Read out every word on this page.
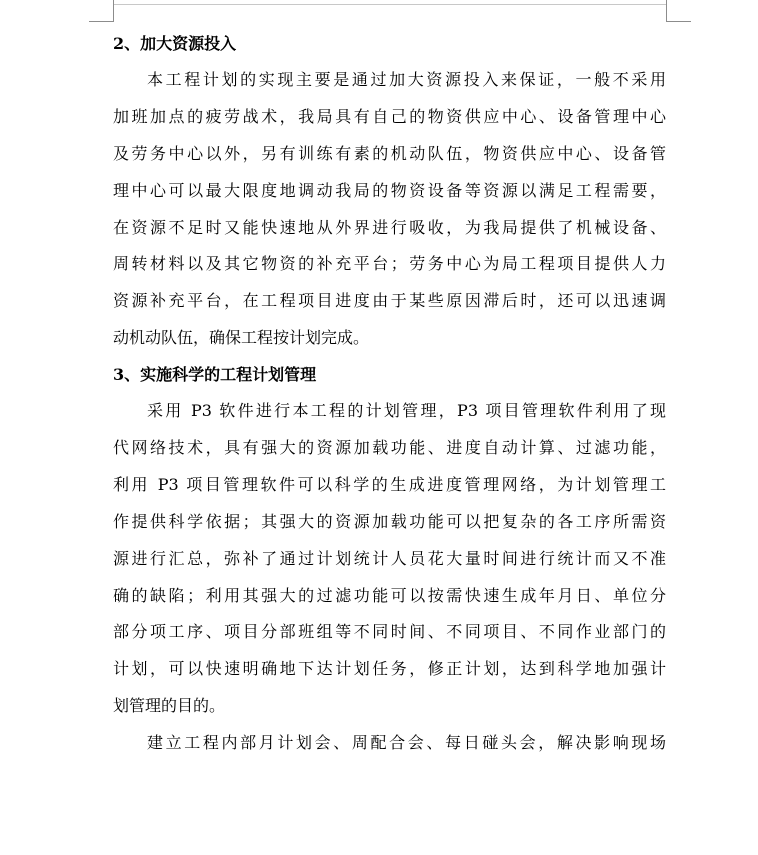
2、加大资源投入
本工程计划的实现主要是通过加大资源投入来保证，一般不采用
加班加点的疲劳战术，我局具有自己的物资供应中心、设备管理中心
及劳务中心以外，另有训练有素的机动队伍，物资供应中心、设备管
理中心可以最大限度地调动我局的物资设备等资源以满足工程需要，
在资源不足时又能快速地从外界进行吸收，为我局提供了机械设备、
周转材料以及其它物资的补充平台；劳务中心为局工程项目提供人力
资源补充平台，在工程项目进度由于某些原因滞后时，还可以迅速调
动机动队伍，确保工程按计划完成。
3、实施科学的工程计划管理
采用 P3 软件进行本工程的计划管理，P3 项目管理软件利用了现
代网络技术，具有强大的资源加载功能、进度自动计算、过滤功能，
利用 P3 项目管理软件可以科学的生成进度管理网络，为计划管理工
作提供科学依据；其强大的资源加载功能可以把复杂的各工序所需资
源进行汇总，弥补了通过计划统计人员花大量时间进行统计而又不准
确的缺陷；利用其强大的过滤功能可以按需快速生成年月日、单位分
部分项工序、项目分部班组等不同时间、不同项目、不同作业部门的
计划，可以快速明确地下达计划任务，修正计划，达到科学地加强计
划管理的目的。
建立工程内部月计划会、周配合会、每日碰头会，解决影响现场
